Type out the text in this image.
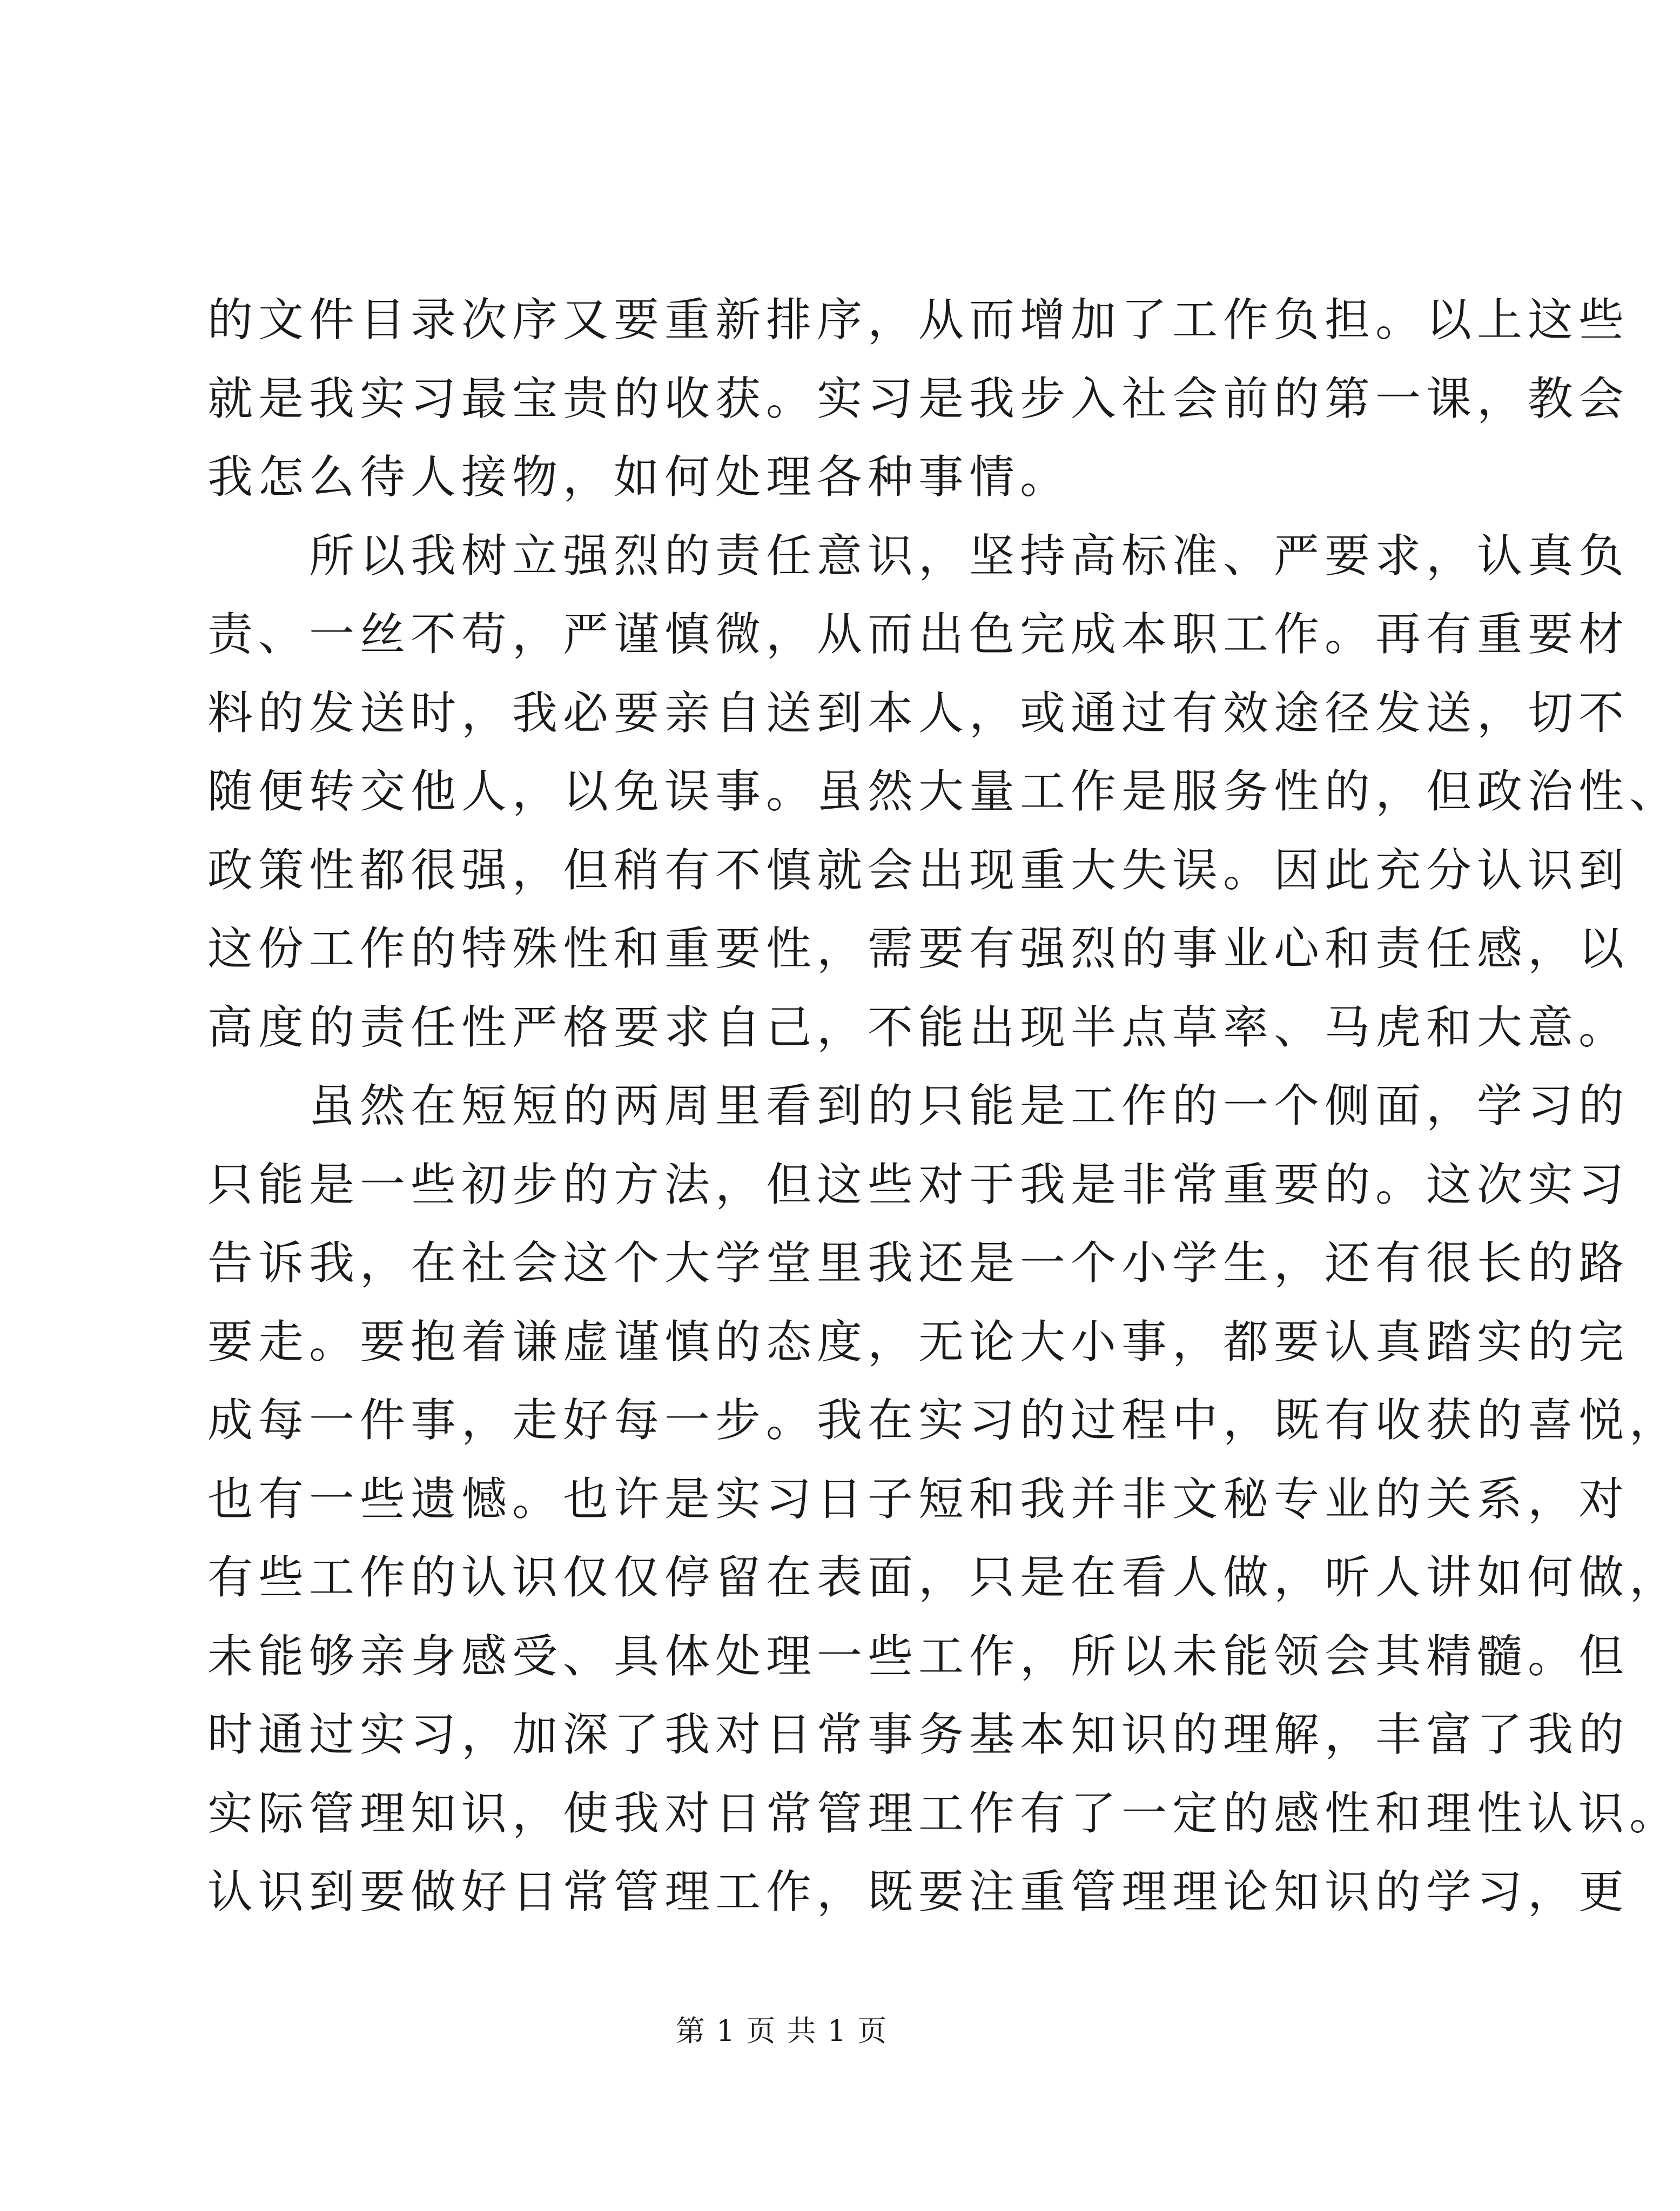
的文件目录次序又要重新排序，从而增加了工作负担。以上这些
就是我实习最宝贵的收获。实习是我步入社会前的第一课，教会
我怎么待人接物，如何处理各种事情。
　　所以我树立强烈的责任意识，坚持高标准、严要求，认真负
责、一丝不苟，严谨慎微，从而出色完成本职工作。再有重要材
料的发送时，我必要亲自送到本人，或通过有效途径发送，切不
随便转交他人，以免误事。虽然大量工作是服务性的，但政治性、
政策性都很强，但稍有不慎就会出现重大失误。因此充分认识到
这份工作的特殊性和重要性，需要有强烈的事业心和责任感，以
高度的责任性严格要求自己，不能出现半点草率、马虎和大意。
　　虽然在短短的两周里看到的只能是工作的一个侧面，学习的
只能是一些初步的方法，但这些对于我是非常重要的。这次实习
告诉我，在社会这个大学堂里我还是一个小学生，还有很长的路
要走。要抱着谦虚谨慎的态度，无论大小事，都要认真踏实的完
成每一件事，走好每一步。我在实习的过程中，既有收获的喜悦，
也有一些遗憾。也许是实习日子短和我并非文秘专业的关系，对
有些工作的认识仅仅停留在表面，只是在看人做，听人讲如何做，
未能够亲身感受、具体处理一些工作，所以未能领会其精髓。但
时通过实习，加深了我对日常事务基本知识的理解，丰富了我的
实际管理知识，使我对日常管理工作有了一定的感性和理性认识。
认识到要做好日常管理工作，既要注重管理理论知识的学习，更
第 1 页 共 1 页
